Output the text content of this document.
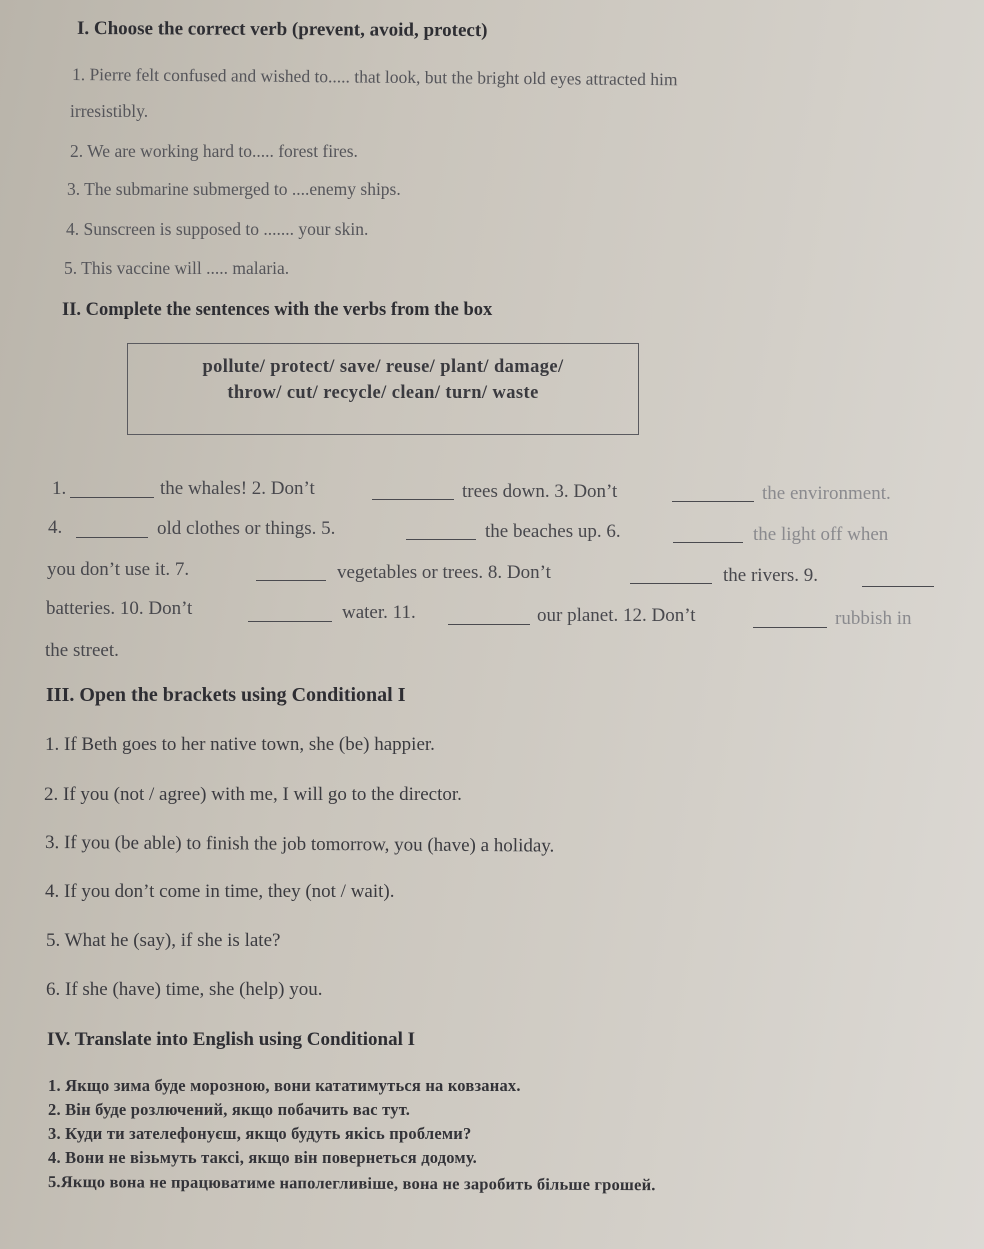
I. Choose the correct verb (prevent, avoid, protect)
1. Pierre felt confused and wished to..... that look, but the bright old eyes attracted him
irresistibly.
2. We are working hard to..... forest fires.
3. The submarine submerged to ....enemy ships.
4. Sunscreen is supposed to ....... your skin.
5. This vaccine will ..... malaria.
II. Complete the sentences with the verbs from the box
pollute/ protect/ save/ reuse/ plant/ damage/
throw/ cut/ recycle/ clean/ turn/ waste
1.	the whales! 2. Don’t	trees down. 3. Don’t	the environment.
4.	old clothes or things. 5.	the beaches up. 6.	the light off when
you don’t use it. 7.	vegetables or trees. 8. Don’t	the rivers. 9.
batteries. 10. Don’t	water. 11.	our planet. 12. Don’t	rubbish in
the street.
III. Open the brackets using Conditional I
1. If Beth goes to her native town, she (be) happier.
2. If you (not / agree) with me, I will go to the director.
3. If you (be able) to finish the job tomorrow, you (have) a holiday.
4. If you don’t come in time, they (not / wait).
5. What he (say), if she is late?
6. If she (have) time, she (help) you.
IV. Translate into English using Conditional I
1. Якщо зима буде морозною, вони кататимуться на ковзанах.
2. Він буде розлючений, якщо побачить вас тут.
3. Куди ти зателефонуєш, якщо будуть якісь проблеми?
4. Вони не візьмуть таксі, якщо він повернеться додому.
5.Якщо вона не працюватиме наполегливіше, вона не заробить більше грошей.
